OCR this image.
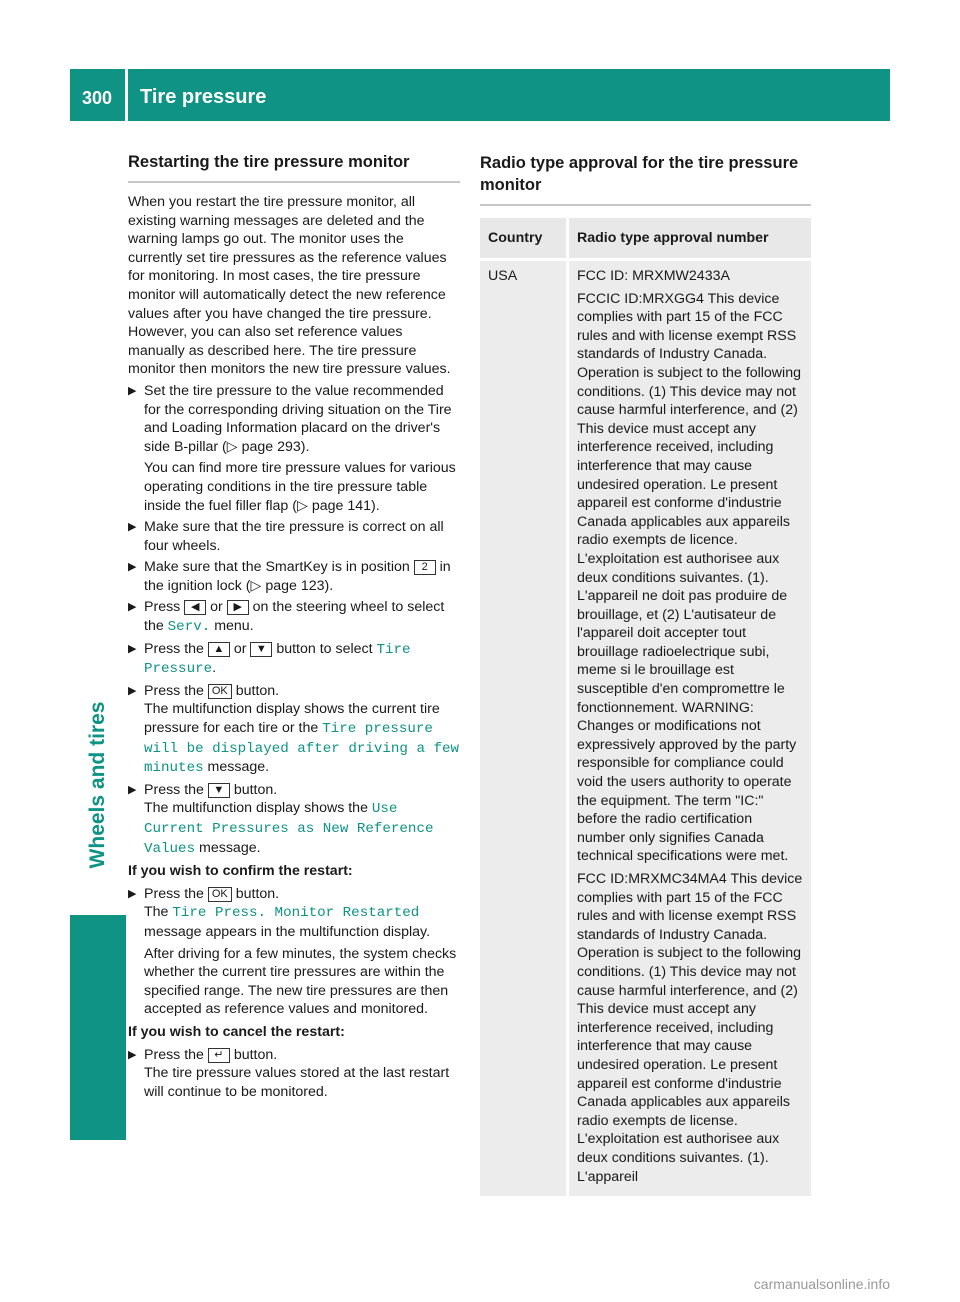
300 Tire pressure
Wheels and tires
Restarting the tire pressure monitor

When you restart the tire pressure monitor, all existing warning messages are deleted and the warning lamps go out. The monitor uses the currently set tire pressures as the reference values for monitoring. In most cases, the tire pressure monitor will automatically detect the new reference values after you have changed the tire pressure. However, you can also set reference values manually as described here. The tire pressure monitor then monitors the new tire pressure values.

▶ Set the tire pressure to the value recommended for the corresponding driving situation on the Tire and Loading Information placard on the driver's side B-pillar (▷ page 293).
You can find more tire pressure values for various operating conditions in the tire pressure table inside the fuel filler flap (▷ page 141).
▶ Make sure that the tire pressure is correct on all four wheels.
▶ Make sure that the SmartKey is in position 2 in the ignition lock (▷ page 123).
▶ Press ◀ or ▶ on the steering wheel to select the Serv. menu.
▶ Press the ▲ or ▼ button to select Tire Pressure.
▶ Press the OK button.
The multifunction display shows the current tire pressure for each tire or the Tire pressure will be displayed after driving a few minutes message.
▶ Press the ▼ button.
The multifunction display shows the Use Current Pressures as New Reference Values message.
If you wish to confirm the restart:
▶ Press the OK button.
The Tire Press. Monitor Restarted message appears in the multifunction display.
After driving for a few minutes, the system checks whether the current tire pressures are within the specified range. The new tire pressures are then accepted as reference values and monitored.
If you wish to cancel the restart:
▶ Press the ↵ button.
The tire pressure values stored at the last restart will continue to be monitored.
Radio type approval for the tire pressure monitor
Country	Radio type approval number
USA	FCC ID: MRXMW2433A

FCCIC ID:MRXGG4 This device complies with part 15 of the FCC rules and with license exempt RSS standards of Industry Canada. Operation is subject to the following conditions. (1) This device may not cause harmful interference, and (2) This device must accept any interference received, including interference that may cause undesired operation. Le present appareil est conforme d'industrie Canada applicables aux appareils radio exempts de licence. L'exploitation est authorisee aux deux conditions suivantes. (1). L'appareil ne doit pas produire de brouillage, et (2) L'autisateur de l'appareil doit accepter tout brouillage radioelectrique subi, meme si le brouillage est susceptible d'en compromettre le fonctionnement. WARNING: Changes or modifications not expressively approved by the party responsible for compliance could void the users authority to operate the equipment. The term "IC:" before the radio certification number only signifies Canada technical specifications were met.

FCC ID:MRXMC34MA4 This device complies with part 15 of the FCC rules and with license exempt RSS standards of Industry Canada. Operation is subject to the following conditions. (1) This device may not cause harmful interference, and (2) This device must accept any interference received, including interference that may cause undesired operation. Le present appareil est conforme d'industrie Canada applicables aux appareils radio exempts de license. L'exploitation est authorisee aux deux conditions suivantes. (1). L'appareil

carmanualsonline.info
